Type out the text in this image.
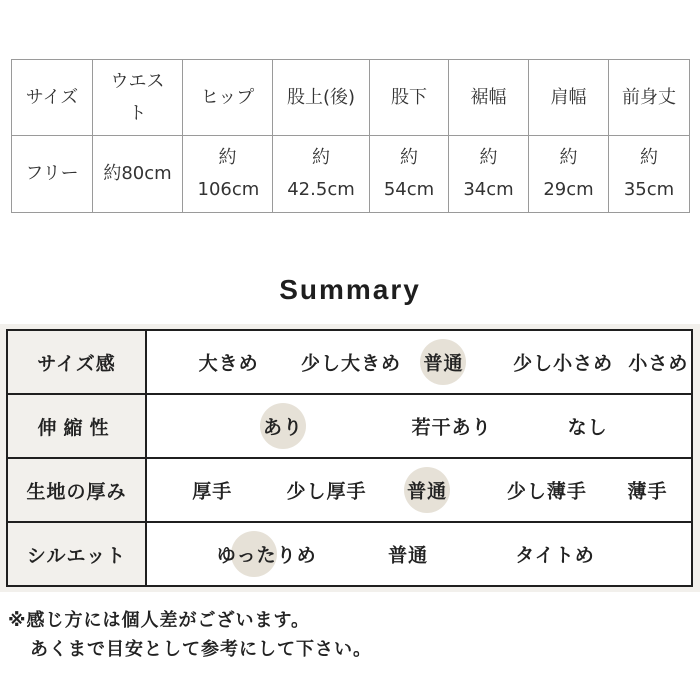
サイズ	ウエスト	ヒップ	股上(後)	股下	裾幅	肩幅	前身丈
フリー	約80cm	約106cm	約42.5cm	約54cm	約34cm	約29cm	約35cm
Summary
サイズ感	大きめ 少し大きめ 普通 少し小さめ 小さめ

伸縮性	あり 若干あり なし

生地の厚み	厚手 少し厚手 普通 少し薄手 薄手

シルエット	ゆったりめ 普通 タイトめ
※感じ方には個人差がございます。
あくまで目安として参考にして下さい。
